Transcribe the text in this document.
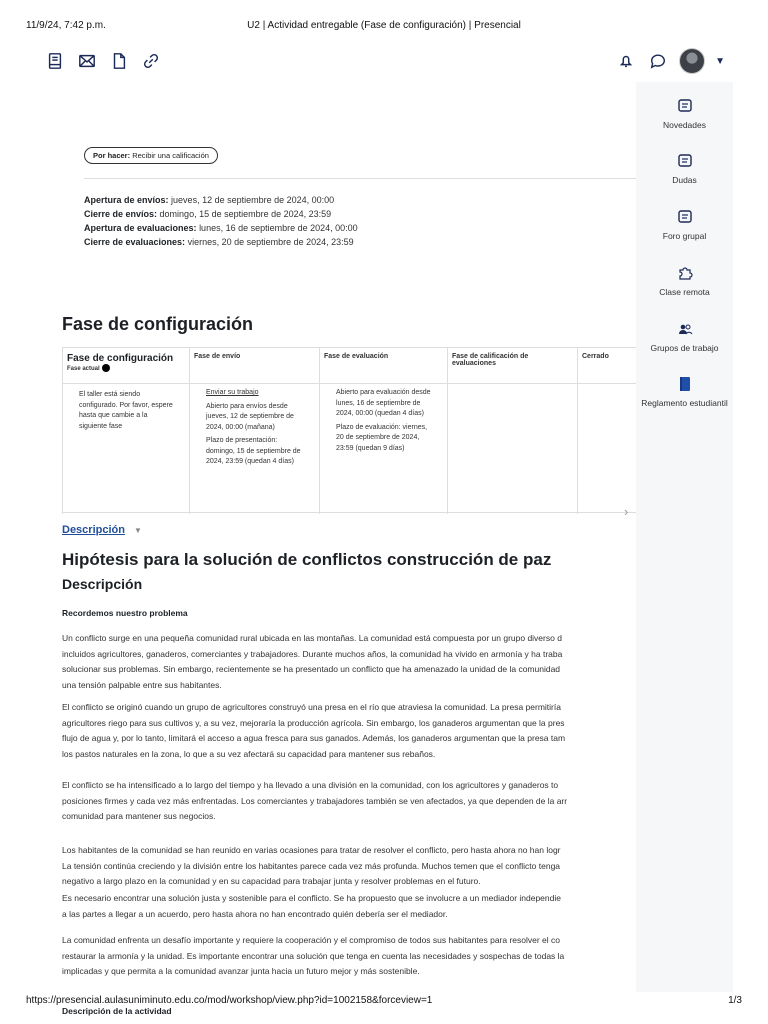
11/9/24, 7:42 p.m.	U2 | Actividad entregable (Fase de configuración) | Presencial
▼
Por hacer: Recibir una calificación
Apertura de envíos: jueves, 12 de septiembre de 2024, 00:00
Cierre de envíos: domingo, 15 de septiembre de 2024, 23:59
Apertura de evaluaciones: lunes, 16 de septiembre de 2024, 00:00
Cierre de evaluaciones: viernes, 20 de septiembre de 2024, 23:59
Fase de configuración
Fase de configuración
Fase actual
El taller está siendo configurado. Por favor, espere hasta que cambie a la siguiente fase
Fase de envío
Enviar su trabajo
Abierto para envíos desde jueves, 12 de septiembre de 2024, 00:00 (mañana)
Plazo de presentación: domingo, 15 de septiembre de 2024, 23:59 (quedan 4 días)
Fase de evaluación
Abierto para evaluación desde lunes, 16 de septiembre de 2024, 00:00 (quedan 4 días)
Plazo de evaluación: viernes, 20 de septiembre de 2024, 23:59 (quedan 9 días)
Fase de calificación de evaluaciones
Cerrado
Descripción ▼
Hipótesis para la solución de conflictos construcción de paz
Descripción
Recordemos nuestro problema
Un conflicto surge en una pequeña comunidad rural ubicada en las montañas. La comunidad está compuesta por un grupo diverso d
incluidos agricultores, ganaderos, comerciantes y trabajadores. Durante muchos años, la comunidad ha vivido en armonía y ha traba
solucionar sus problemas. Sin embargo, recientemente se ha presentado un conflicto que ha amenazado la unidad de la comunidad
una tensión palpable entre sus habitantes.
El conflicto se originó cuando un grupo de agricultores construyó una presa en el río que atraviesa la comunidad. La presa permitiría
agricultores riego para sus cultivos y, a su vez, mejoraría la producción agrícola. Sin embargo, los ganaderos argumentan que la pres
flujo de agua y, por lo tanto, limitará el acceso a agua fresca para sus ganados. Además, los ganaderos argumentan que la presa tam
los pastos naturales en la zona, lo que a su vez afectará su capacidad para mantener sus rebaños.
El conflicto se ha intensificado a lo largo del tiempo y ha llevado a una división en la comunidad, con los agricultores y ganaderos to
posiciones firmes y cada vez más enfrentadas. Los comerciantes y trabajadores también se ven afectados, ya que dependen de la arr
comunidad para mantener sus negocios.
Los habitantes de la comunidad se han reunido en varias ocasiones para tratar de resolver el conflicto, pero hasta ahora no han logr
La tensión continúa creciendo y la división entre los habitantes parece cada vez más profunda. Muchos temen que el conflicto tenga
negativo a largo plazo en la comunidad y en su capacidad para trabajar junta y resolver problemas en el futuro.
Es necesario encontrar una solución justa y sostenible para el conflicto. Se ha propuesto que se involucre a un mediador independie
a las partes a llegar a un acuerdo, pero hasta ahora no han encontrado quién debería ser el mediador.
La comunidad enfrenta un desafío importante y requiere la cooperación y el compromiso de todos sus habitantes para resolver el co
restaurar la armonía y la unidad. Es importante encontrar una solución que tenga en cuenta las necesidades y sospechas de todas la
implicadas y que permita a la comunidad avanzar junta hacia un futuro mejor y más sostenible.
Descripción de la actividad
›
Novedades
Dudas
Foro grupal
Clase remota
Grupos de trabajo
Reglamento estudiantil
https://presencial.aulasuniminuto.edu.co/mod/workshop/view.php?id=1002158&forceview=1	1/3
